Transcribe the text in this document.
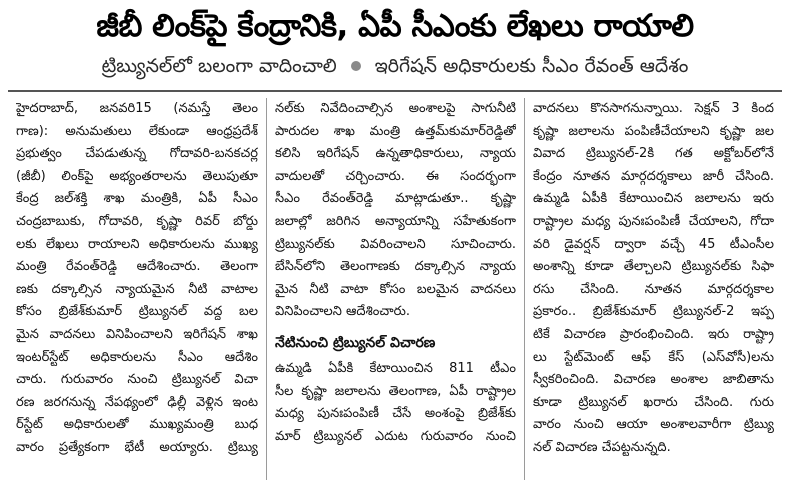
జీబీ లింక్‌పై కేంద్రానికి, ఏపీ సీఎంకు లేఖలు రాయాలి
ట్రిబ్యునల్‌లో బలంగా వాదించాలి ఇరిగేషన్ అధికారులకు సీఎం రేవంత్ ఆదేశం
హైదరాబాద్, జనవరి15 (నమస్తే తెలం
గాణ): అనుమతులు లేకుండా ఆంధ్రప్రదేశ్
ప్రభుత్వం చేపడుతున్న గోదావరి-బనకచర్ల
(జీబీ) లింక్‌పై అభ్యంతరాలను తెలుపుతూ
కేంద్ర జల్‌శక్తి శాఖ మంత్రికి, ఏపీ సీఎం
చంద్రబాబుకు, గోదావరి, కృష్ణా రివర్ బోర్డు
లకు లేఖలు రాయాలని అధికారులను ముఖ్య
మంత్రి రేవంత్‌రెడ్డి ఆదేశించారు. తెలంగా
ణకు దక్కాల్సిన న్యాయమైన నీటి వాటాల
కోసం బ్రిజేశ్‌కుమార్ ట్రిబ్యునల్ వద్ద బల
మైన వాదనలు వినిపించాలని ఇరిగేషన్ శాఖ
ఇంటర్‌స్టేట్ అధికారులను సీఎం ఆదేశిం
చారు. గురువారం నుంచి ట్రిబ్యునల్ విచా
రణ జరగనున్న నేపథ్యంలో ఢిల్లీ వెళ్లిన ఇంట
ర్‌స్టేట్ అధికారులతో ముఖ్యమంత్రి బుధ
వారం ప్రత్యేకంగా భేటీ అయ్యారు. ట్రిబ్యు
నల్‌కు నివేదించాల్సిన అంశాలపై సాగునీటి
పారుదల శాఖ మంత్రి ఉత్తమ్‌కుమార్‌రెడ్డితో
కలిసి ఇరిగేషన్ ఉన్నతాధికారులు, న్యాయ
వాదులతో చర్చించారు. ఈ సందర్భంగా
సీఎం రేవంత్‌రెడ్డి మాట్లాడుతూ.. కృష్ణా
జలాల్లో జరిగిన అన్యాయాన్ని సహేతుకంగా
ట్రిబ్యునల్‌కు వివరించాలని సూచించారు.
బేసిన్‌లోని తెలంగాణకు దక్కాల్సిన న్యాయ
మైన నీటి వాటా కోసం బలమైన వాదనలు
వినిపించాలని ఆదేశించారు.
నేటినుంచి ట్రిబ్యునల్ విచారణ
ఉమ్మడి ఏపీకి కేటాయించిన 811 టీఎం
సీల కృష్ణా జలాలను తెలంగాణ, ఏపీ రాష్ట్రాల
మధ్య పునఃపంపిణీ చేసే అంశంపై బ్రిజేశ్‌కు
మార్ ట్రిబ్యునల్ ఎదుట గురువారం నుంచి
వాదనలు కొనసాగనున్నాయి. సెక్షన్ 3 కింద
కృష్ణా జలాలను పంపిణీచేయాలని కృష్ణా జల
వివాద ట్రిబ్యునల్-2కి గత అక్టోబర్‌లోనే
కేంద్రం నూతన మార్గదర్శకాలు జారీ చేసింది.
ఉమ్మడి ఏపీకి కేటాయించిన జలాలను ఇరు
రాష్ట్రాల మధ్య పునఃపంపిణీ చేయాలని, గోదా
వరి డైవర్షన్ ద్వారా వచ్చే 45 టీఎంసీల
అంశాన్ని కూడా తేల్చాలని ట్రిబ్యునల్‌కు సిఫా
రసు చేసింది. నూతన మార్గదర్శకాల
ప్రకారం.. బ్రిజేశ్‌కుమార్ ట్రిబ్యునల్-2 ఇప్ప
టికే విచారణ ప్రారంభించింది. ఇరు రాష్ట్రా
లు స్టేట్‌మెంట్ ఆఫ్ కేస్ (ఎస్‌వోసీ)లను
స్వీకరించింది. విచారణ అంశాల జాబితాను
కూడా ట్రిబ్యునల్ ఖరారు చేసింది. గురు
వారం నుంచి ఆయా అంశాలవారీగా ట్రిబ్యు
నల్ విచారణ చేపట్టనున్నది.
